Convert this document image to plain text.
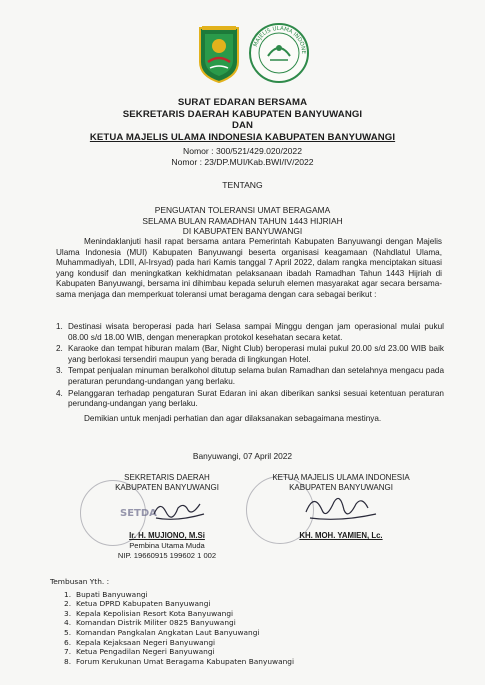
MAJELIS ULAMA INDONE
SURAT EDARAN BERSAMA
SEKRETARIS DAERAH KABUPATEN BANYUWANGI
DAN
KETUA MAJELIS ULAMA INDONESIA KABUPATEN BANYUWANGI
Nomor : 300/521/429.020/2022
Nomor : 23/DP.MUI/Kab.BWI/IV/2022
TENTANG
PENGUATAN TOLERANSI UMAT BERAGAMA
SELAMA BULAN RAMADHAN TAHUN 1443 HIJRIAH
DI KABUPATEN BANYUWANGI
Menindaklanjuti hasil rapat bersama antara Pemerintah Kabupaten Banyuwangi dengan Majelis Ulama Indonesia (MUI) Kabupaten Banyuwangi beserta organisasi keagamaan (Nahdlatul Ulama, Muhammadiyah, LDII, Al-Irsyad) pada hari Kamis tanggal 7 April 2022, dalam rangka menciptakan situasi yang kondusif dan meningkatkan kekhidmatan pelaksanaan ibadah Ramadhan Tahun 1443 Hijriah di Kabupaten Banyuwangi, bersama ini dihimbau kepada seluruh elemen masyarakat agar secara bersama-sama menjaga dan memperkuat toleransi umat beragama dengan cara sebagai berikut :
1. Destinasi wisata beroperasi pada hari Selasa sampai Minggu dengan jam operasional mulai pukul 08.00 s/d 18.00 WIB, dengan menerapkan protokol kesehatan secara ketat.
2. Karaoke dan tempat hiburan malam (Bar, Night Club) beroperasi mulai pukul 20.00 s/d 23.00 WIB baik yang berlokasi tersendiri maupun yang berada di lingkungan Hotel.
3. Tempat penjualan minuman beralkohol ditutup selama bulan Ramadhan dan setelahnya mengacu pada peraturan perundang-undangan yang berlaku.
4. Pelanggaran terhadap pengaturan Surat Edaran ini akan diberikan sanksi sesuai ketentuan peraturan perundang-undangan yang berlaku.
Demikian untuk menjadi perhatian dan agar dilaksanakan sebagaimana mestinya.
Banyuwangi, 07 April 2022
SETDA
SEKRETARIS DAERAH
KABUPATEN BANYUWANGI
Ir. H. MUJIONO, M.Si
Pembina Utama Muda
NIP. 19660915 199602 1 002
KETUA MAJELIS ULAMA INDONESIA
KABUPATEN BANYUWANGI
KH. MOH. YAMIEN, Lc.
Tembusan Yth. :
1. Bupati Banyuwangi
2. Ketua DPRD Kabupaten Banyuwangi
3. Kepala Kepolisian Resort Kota Banyuwangi
4. Komandan Distrik Militer 0825 Banyuwangi
5. Komandan Pangkalan Angkatan Laut Banyuwangi
6. Kepala Kejaksaan Negeri Banyuwangi
7. Ketua Pengadilan Negeri Banyuwangi
8. Forum Kerukunan Umat Beragama Kabupaten Banyuwangi
